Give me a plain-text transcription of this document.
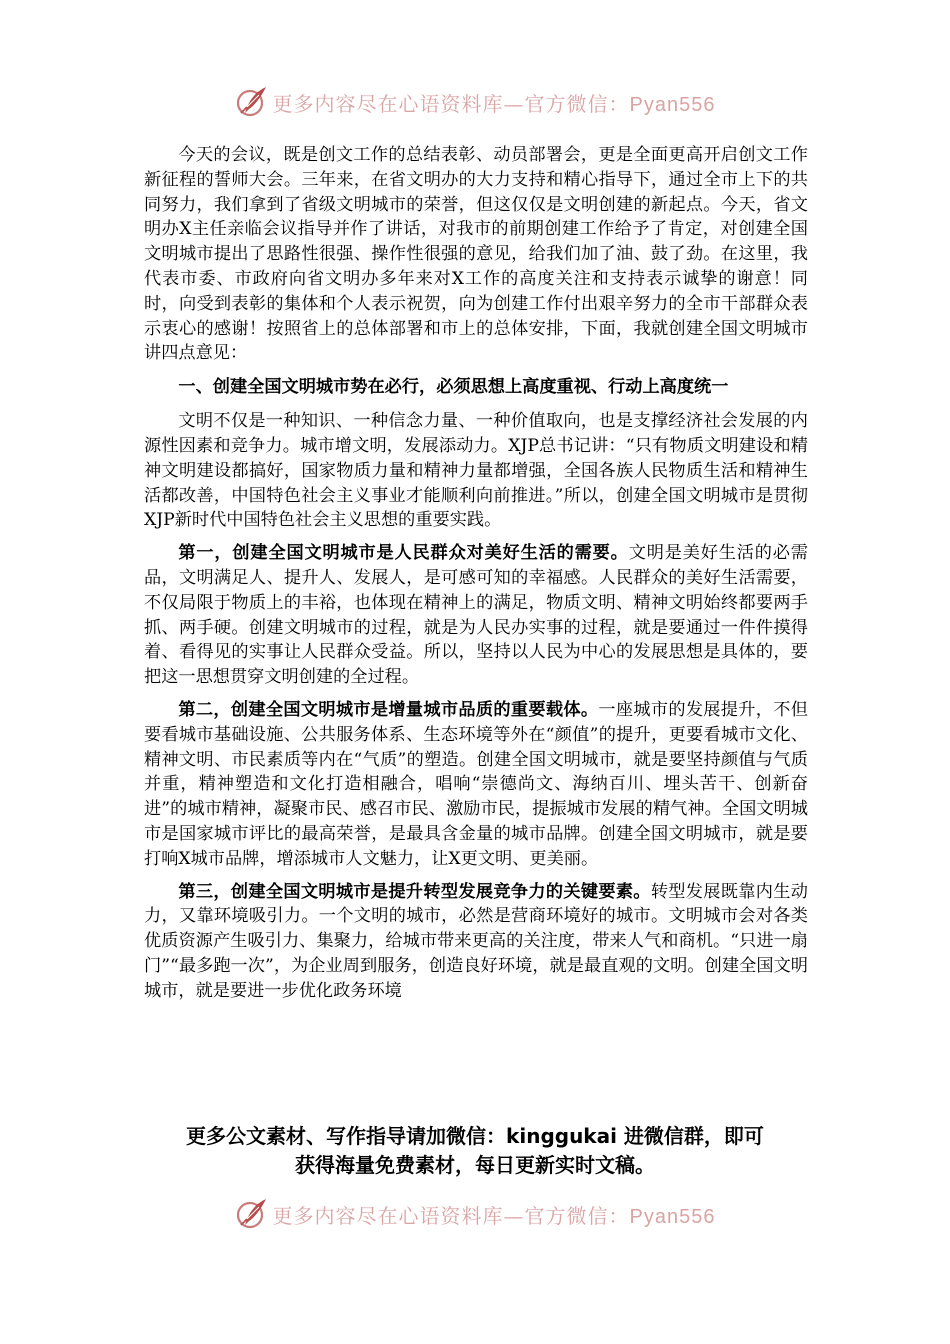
更多内容尽在心语资料库—官方微信：Pyan556

今天的会议，既是创文工作的总结表彰、动员部署会，更是全面更高开启创文工作新征程的誓师大会。三年来，在省文明办的大力支持和精心指导下，通过全市上下的共同努力，我们拿到了省级文明城市的荣誉，但这仅仅是文明创建的新起点。今天，省文明办X主任亲临会议指导并作了讲话，对我市的前期创建工作给予了肯定，对创建全国文明城市提出了思路性很强、操作性很强的意见，给我们加了油、鼓了劲。在这里，我代表市委、市政府向省文明办多年来对X工作的高度关注和支持表示诚挚的谢意！同时，向受到表彰的集体和个人表示祝贺，向为创建工作付出艰辛努力的全市干部群众表示衷心的感谢！按照省上的总体部署和市上的总体安排，下面，我就创建全国文明城市讲四点意见：

一、创建全国文明城市势在必行，必须思想上高度重视、行动上高度统一

文明不仅是一种知识、一种信念力量、一种价值取向，也是支撑经济社会发展的内源性因素和竞争力。城市增文明，发展添动力。XJP总书记讲：“只有物质文明建设和精神文明建设都搞好，国家物质力量和精神力量都增强，全国各族人民物质生活和精神生活都改善，中国特色社会主义事业才能顺利向前推进。”所以，创建全国文明城市是贯彻XJP新时代中国特色社会主义思想的重要实践。

第一，创建全国文明城市是人民群众对美好生活的需要。文明是美好生活的必需品，文明满足人、提升人、发展人，是可感可知的幸福感。人民群众的美好生活需要，不仅局限于物质上的丰裕，也体现在精神上的满足，物质文明、精神文明始终都要两手抓、两手硬。创建文明城市的过程，就是为人民办实事的过程，就是要通过一件件摸得着、看得见的实事让人民群众受益。所以，坚持以人民为中心的发展思想是具体的，要把这一思想贯穿文明创建的全过程。

第二，创建全国文明城市是增量城市品质的重要载体。一座城市的发展提升，不但要看城市基础设施、公共服务体系、生态环境等外在“颜值”的提升，更要看城市文化、精神文明、市民素质等内在“气质”的塑造。创建全国文明城市，就是要坚持颜值与气质并重，精神塑造和文化打造相融合，唱响“崇德尚文、海纳百川、埋头苦干、创新奋进”的城市精神，凝聚市民、感召市民、激励市民，提振城市发展的精气神。全国文明城市是国家城市评比的最高荣誉，是最具含金量的城市品牌。创建全国文明城市，就是要打响X城市品牌，增添城市人文魅力，让X更文明、更美丽。

第三，创建全国文明城市是提升转型发展竞争力的关键要素。转型发展既靠内生动力，又靠环境吸引力。一个文明的城市，必然是营商环境好的城市。文明城市会对各类优质资源产生吸引力、集聚力，给城市带来更高的关注度，带来人气和商机。“只进一扇门”“最多跑一次”，为企业周到服务，创造良好环境，就是最直观的文明。创建全国文明城市，就是要进一步优化政务环境

更多公文素材、写作指导请加微信：kinggukai 进微信群，即可
获得海量免费素材，每日更新实时文稿。
更多内容尽在心语资料库—官方微信：Pyan556
